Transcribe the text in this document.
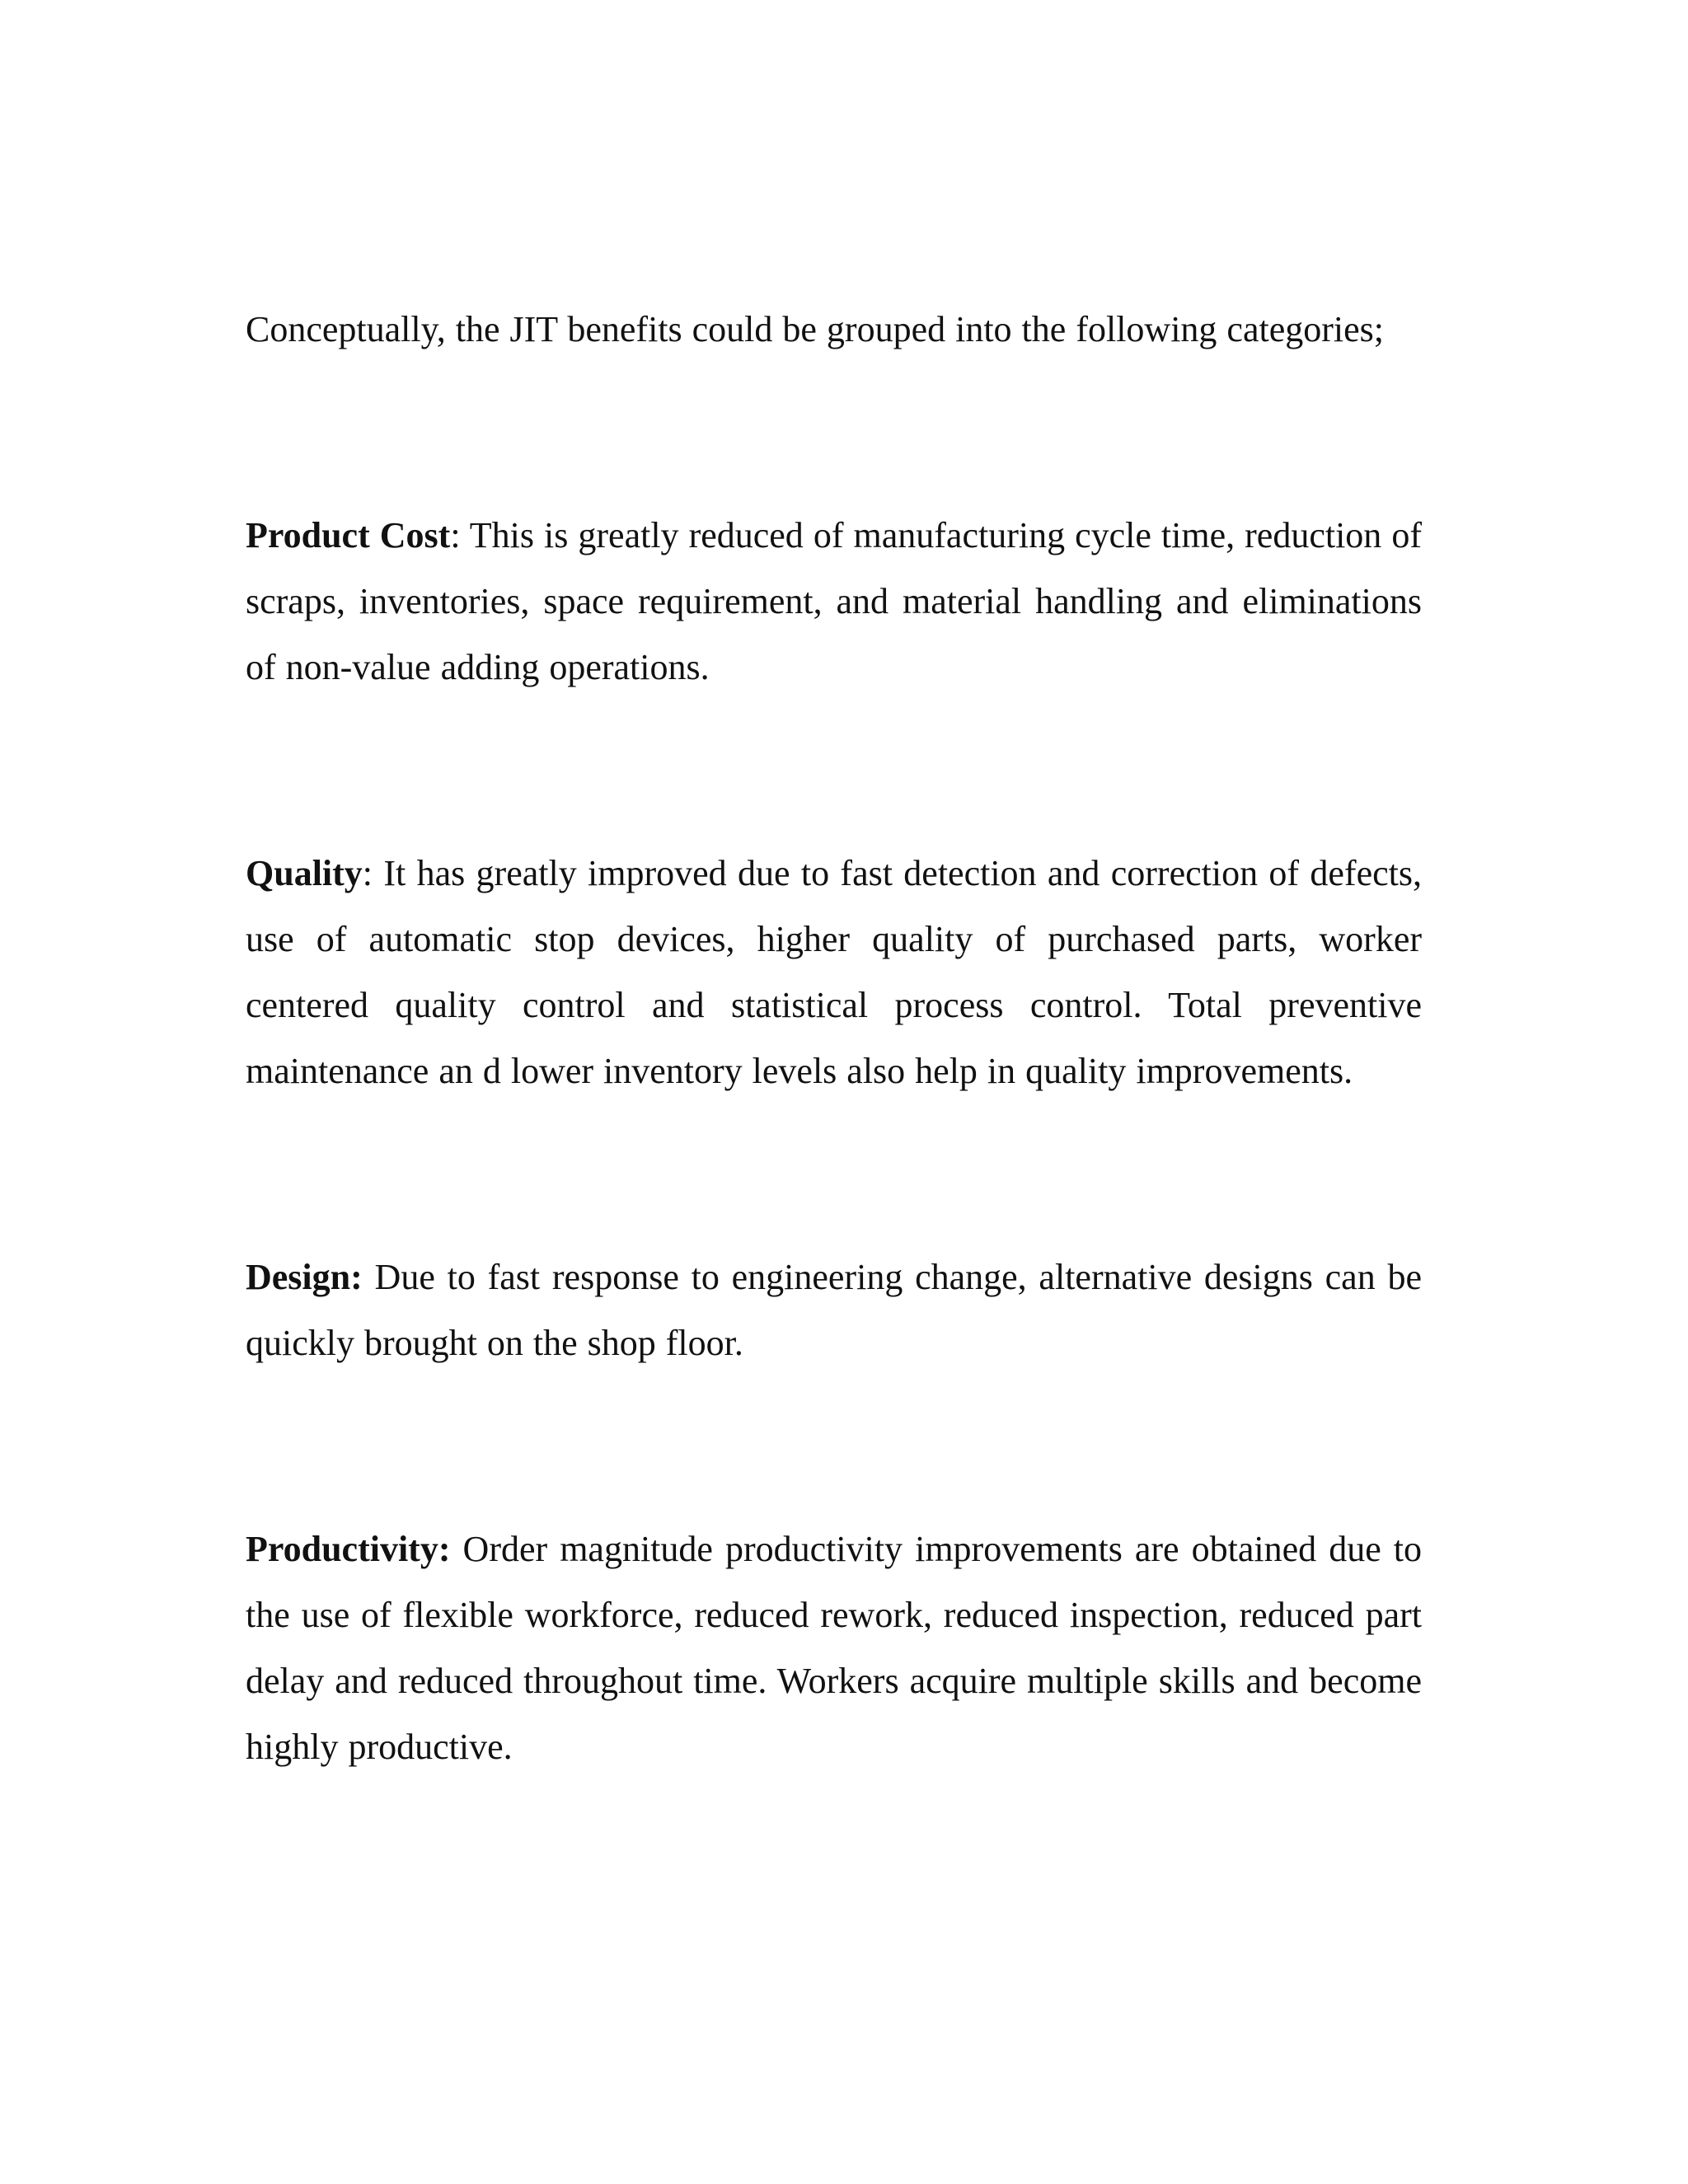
Conceptually, the JIT benefits could be grouped into the following categories;

Product Cost: This is greatly reduced of manufacturing cycle time, reduction of scraps, inventories, space requirement, and material handling and eliminations of non-value adding operations.

Quality: It has greatly improved due to fast detection and correction of defects, use of automatic stop devices, higher quality of purchased parts, worker centered quality control and statistical process control. Total preventive maintenance an d lower inventory levels also help in quality improvements.

Design: Due to fast response to engineering change, alternative designs can be quickly brought on the shop floor.

Productivity: Order magnitude productivity improvements are obtained due to the use of flexible workforce, reduced rework, reduced inspection, reduced part delay and reduced throughout time. Workers acquire multiple skills and become highly productive.
